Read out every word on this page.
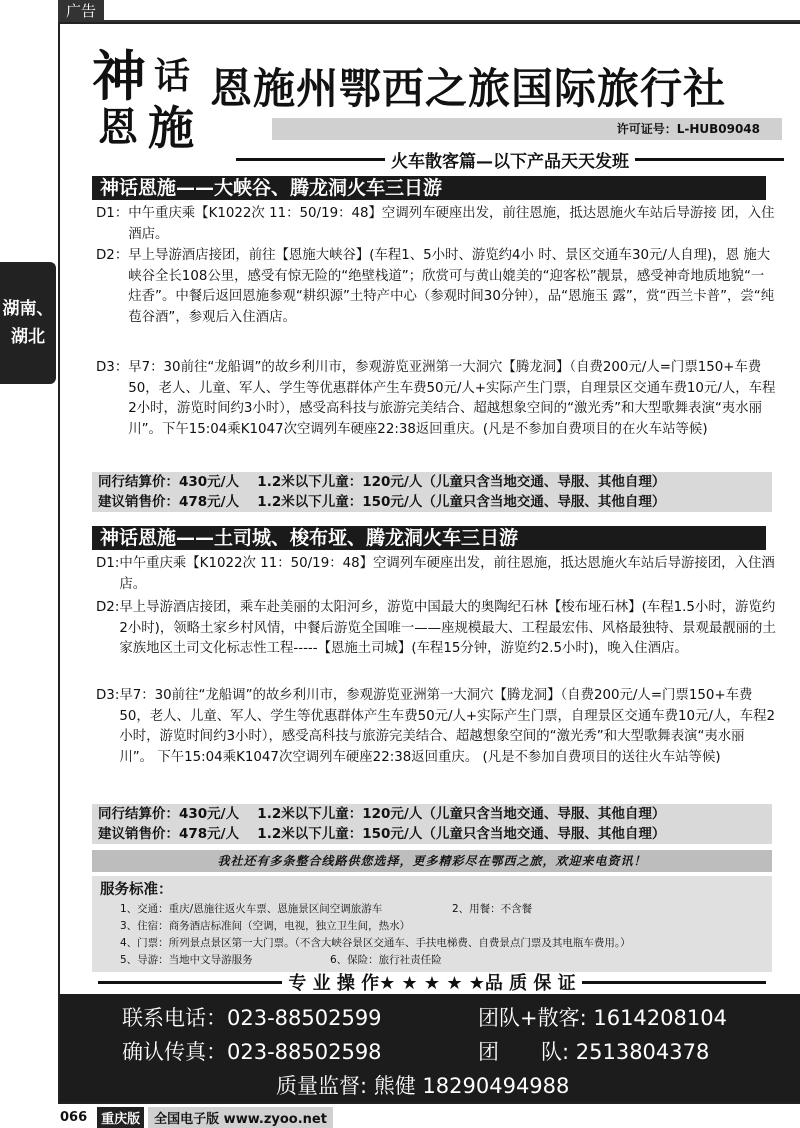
广告
湖南、
湖北
神 话
恩 施
恩施州鄂西之旅国际旅行社
许可证号：L-HUB09048
火车散客篇—以下产品天天发班
神话恩施——大峡谷、腾龙洞火车三日游
D1： 中午重庆乘【K1022次 11：50/19：48】空调列车硬座出发，前往恩施，抵达恩施火车站后导游接 团，入住酒店。
D2： 早上导游酒店接团，前往【恩施大峡谷】(车程1、5小时、游览约4小 时、景区交通车30元/人自理)，恩 施大峡谷全长108公里，感受有惊无险的“绝壁栈道”；欣赏可与黄山媲美的“迎客松”靓景，感受神奇地质地貌“一炷香”。中餐后返回恩施参观“耕织源”土特产中心（参观时间30分钟），品“恩施玉 露”，赏“西兰卡普”，尝“纯苞谷酒”，参观后入住酒店。
D3： 早7：30前往“龙船调”的故乡利川市，参观游览亚洲第一大洞穴【腾龙洞】（自费200元/人=门票150+车费50，老人、儿童、军人、学生等优惠群体产生车费50元/人+实际产生门票，自理景区交通车费10元/人，车程2小时，游览时间约3小时），感受高科技与旅游完美结合、超越想象空间的“激光秀”和大型歌舞表演“夷水丽川”。下午15:04乘K1047次空调列车硬座22:38返回重庆。(凡是不参加自费项目的在火车站等候)
同行结算价：430元/人　 1.2米以下儿童：120元/人（儿童只含当地交通、导服、其他自理）
建议销售价：478元/人　 1.2米以下儿童：150元/人（儿童只含当地交通、导服、其他自理）
神话恩施——土司城、梭布垭、腾龙洞火车三日游
D1: 中午重庆乘【K1022次 11：50/19：48】空调列车硬座出发，前往恩施，抵达恩施火车站后导游接团，入住酒店。
D2: 早上导游酒店接团，乘车赴美丽的太阳河乡，游览中国最大的奥陶纪石林【梭布垭石林】(车程1.5小时，游览约2小时)，领略土家乡村风情，中餐后游览全国唯一——座规模最大、工程最宏伟、风格最独特、景观最靓丽的土家族地区土司文化标志性工程-----【恩施土司城】(车程15分钟，游览约2.5小时)，晚入住酒店。
D3: 早7：30前往“龙船调”的故乡利川市，参观游览亚洲第一大洞穴【腾龙洞】（自费200元/人=门票150+车费50，老人、儿童、军人、学生等优惠群体产生车费50元/人+实际产生门票，自理景区交通车费10元/人，车程2小时，游览时间约3小时），感受高科技与旅游完美结合、超越想象空间的“激光秀”和大型歌舞表演“夷水丽川”。 下午15:04乘K1047次空调列车硬座22:38返回重庆。 (凡是不参加自费项目的送往火车站等候)
同行结算价：430元/人　 1.2米以下儿童：120元/人（儿童只含当地交通、导服、其他自理）
建议销售价：478元/人　 1.2米以下儿童：150元/人（儿童只含当地交通、导服、其他自理）
我社还有多条整合线路供您选择，更多精彩尽在鄂西之旅，欢迎来电资讯！
服务标准：
1、交通：重庆/恩施往返火车票、恩施景区间空调旅游车	2、用餐：不含餐
3、住宿：商务酒店标准间（空调，电视，独立卫生间，热水）
4、门票：所列景点景区第一大门票。（不含大峡谷景区交通车、手扶电梯费、自费景点门票及其电瓶车费用。）
5、导游：当地中文导游服务	6、保险：旅行社责任险
专 业 操 作★ ★ ★ ★ ★品 质 保 证
联系电话：023-88502599	团队+散客: 1614208104
确认传真：023-88502598	团　　队: 2513804378
质量监督: 熊健 18290494988
066	重庆版	全国电子版 www.zyoo.net
